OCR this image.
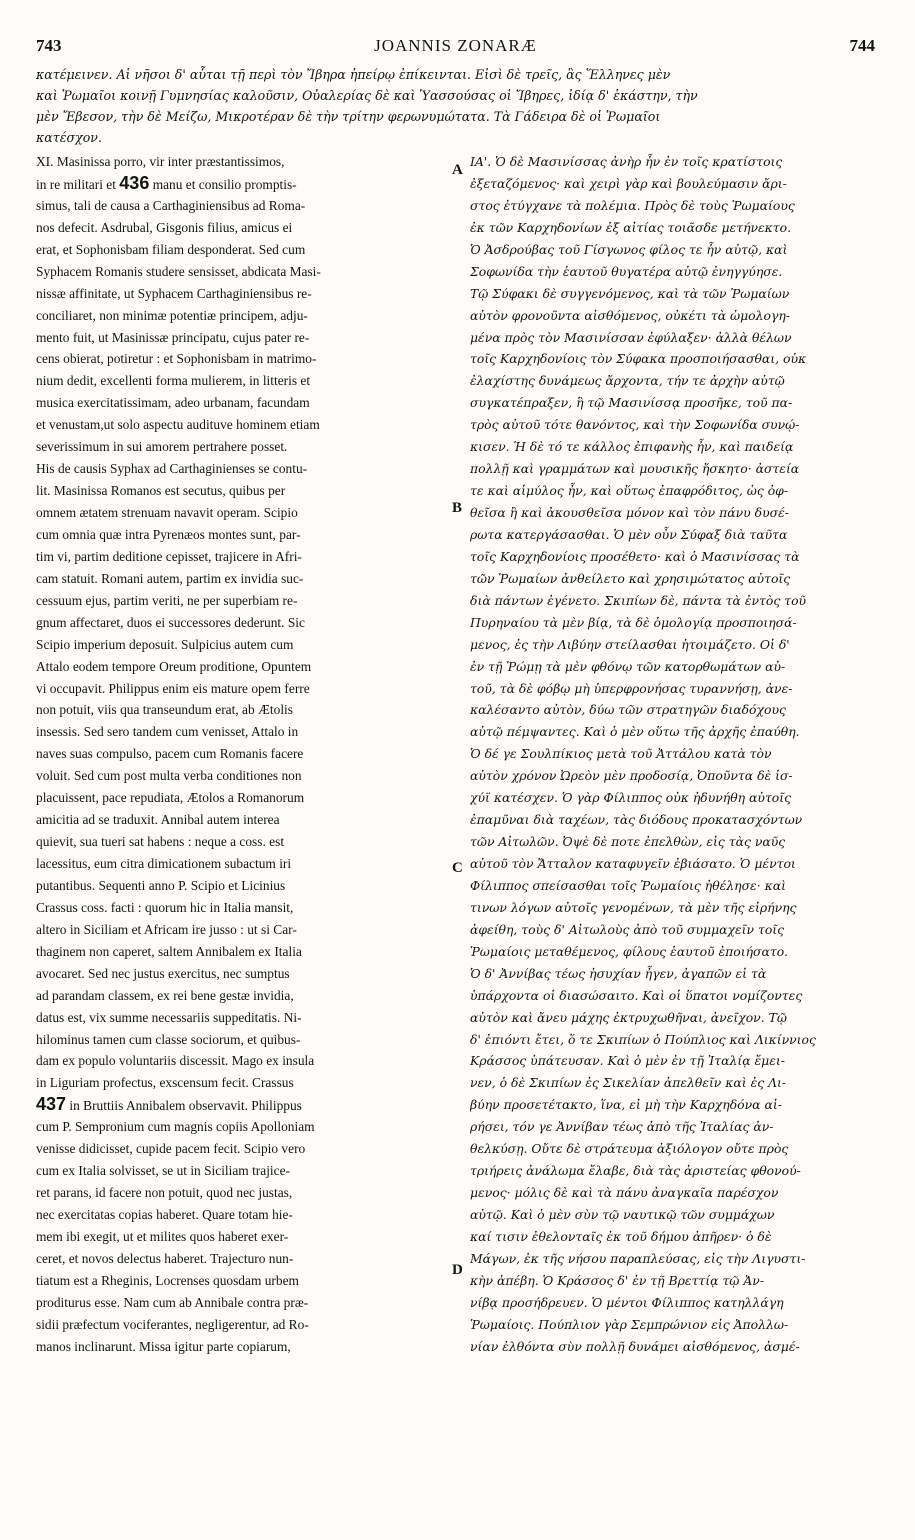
743	JOANNIS ZONARÆ	744
κατέμεινεν. Αἱ νῆσοι δ' αὗται τῇ περὶ τὸν Ἴβηρα ἠπείρῳ ἐπίκεινται. Εἰσὶ δὲ τρεῖς, ἃς Ἕλληνες μὲν
καὶ Ῥωμαῖοι κοινῇ Γυμνησίας καλοῦσιν, Οὐαλερίας δὲ καὶ Ὑασσούσας οἱ Ἴβηρες, ἰδίᾳ δ' ἑκάστην, τὴν
μὲν Ἔβεσον, τὴν δὲ Μείζω, Μικροτέραν δὲ τὴν τρίτην φερωνυμώτατα. Τὰ Γάδειρα δὲ οἱ Ῥωμαῖοι
κατέσχον.
XI. Masinissa porro, vir inter præstantissimos,
in re militari et 436 manu et consilio promptis-
simus, tali de causa a Carthaginiensibus ad Roma-
nos defecit. Asdrubal, Gisgonis filius, amicus ei
erat, et Sophonisbam filiam desponderat. Sed cum
Syphacem Romanis studere sensisset, abdicata Masi-
nissæ affinitate, ut Syphacem Carthaginiensibus re-
conciliaret, non minimæ potentiæ principem, adju-
mento fuit, ut Masinissæ principatu, cujus pater re-
cens obierat, potiretur : et Sophonisbam in matrimo-
nium dedit, excellenti forma mulierem, in litteris et
musica exercitatissimam, adeo urbanam, facundam
et venustam,ut solo aspectu audituve hominem etiam
severissimum in sui amorem pertrahere posset.
His de causis Syphax ad Carthaginienses se contu-
lit. Masinissa Romanos est secutus, quibus per
omnem ætatem strenuam navavit operam. Scipio
cum omnia quæ intra Pyrenæos montes sunt, par-
tim vi, partim deditione cepisset, trajicere in Afri-
cam statuit. Romani autem, partim ex invidia suc-
cessuum ejus, partim veriti, ne per superbiam re-
gnum affectaret, duos ei successores dederunt. Sic
Scipio imperium deposuit. Sulpicius autem cum
Attalo eodem tempore Oreum proditione, Opuntem
vi occupavit. Philippus enim eis mature opem ferre
non potuit, viis qua transeundum erat, ab Ætolis
insessis. Sed sero tandem cum venisset, Attalo in
naves suas compulso, pacem cum Romanis facere
voluit. Sed cum post multa verba conditiones non
placuissent, pace repudiata, Ætolos a Romanorum
amicitia ad se traduxit. Annibal autem interea
quievit, sua tueri sat habens : neque a coss. est
lacessitus, eum citra dimicationem subactum iri
putantibus. Sequenti anno P. Scipio et Licinius
Crassus coss. facti : quorum hic in Italia mansit,
altero in Siciliam et Africam ire jusso : ut si Car-
thaginem non caperet, saltem Annibalem ex Italia
avocaret. Sed nec justus exercitus, nec sumptus
ad parandam classem, ex rei bene gestæ invidia,
datus est, vix summe necessariis suppeditatis. Ni-
hilominus tamen cum classe sociorum, et quibus-
dam ex populo voluntariis discessit. Mago ex insula
in Liguriam profectus, exscensum fecit. Crassus
437 in Bruttiis Annibalem observavit. Philippus
cum P. Sempronium cum magnis copiis Apolloniam
venisse didicisset, cupide pacem fecit. Scipio vero
cum ex Italia solvisset, se ut in Siciliam trajice-
ret parans, id facere non potuit, quod nec justas,
nec exercitatas copias haberet. Quare totam hie-
mem ibi exegit, ut et milites quos haberet exer-
ceret, et novos delectus haberet. Trajecturo nun-
tiatum est a Rheginis, Locrenses quosdam urbem
proditurus esse. Nam cum ab Annibale contra præ-
sidii præfectum vociferantes, negligerentur, ad Ro-
manos inclinarunt. Missa igitur parte copiarum,
ΙΑ'. Ὁ δὲ Μασινίσσας ἀνὴρ ἦν ἐν τοῖς κρατίστοις
ἐξεταζόμενος· καὶ χειρὶ γὰρ καὶ βουλεύμασιν ἄρι-
στος ἐτύγχανε τὰ πολέμια. Πρὸς δὲ τοὺς Ῥωμαίους
ἐκ τῶν Καρχηδονίων ἐξ αἰτίας τοιᾶσδε μετήνεκτο.
Ὁ Ἀσδρούβας τοῦ Γίσγωνος φίλος τε ἦν αὐτῷ, καὶ
Σοφωνίδα τὴν ἑαυτοῦ θυγατέρα αὐτῷ ἐνηγγύησε.
Τῷ Σύφακι δὲ συγγενόμενος, καὶ τὰ τῶν Ῥωμαίων
αὐτὸν φρονοῦντα αἰσθόμενος, οὐκέτι τὰ ὡμολογη-
μένα πρὸς τὸν Μασινίσσαν ἐφύλαξεν· ἀλλὰ θέλων
τοῖς Καρχηδονίοις τὸν Σύφακα προσποιήσασθαι, οὐκ
ἐλαχίστης δυνάμεως ἄρχοντα, τήν τε ἀρχὴν αὐτῷ
συγκατέπραξεν, ἣ τῷ Μασινίσσᾳ προσῆκε, τοῦ πα-
τρὸς αὐτοῦ τότε θανόντος, καὶ τὴν Σοφωνίδα συνῴ-
κισεν. Ἡ δὲ τό τε κάλλος ἐπιφανὴς ἦν, καὶ παιδείᾳ
πολλῇ καὶ γραμμάτων καὶ μουσικῆς ἤσκητο· ἀστεία
τε καὶ αἱμύλος ἦν, καὶ οὕτως ἐπαφρόδιτος, ὡς ὀφ-
θεῖσα ἢ καὶ ἀκουσθεῖσα μόνον καὶ τὸν πάνυ δυσέ-
ρωτα κατεργάσασθαι. Ὁ μὲν οὖν Σύφαξ διὰ ταῦτα
τοῖς Καρχηδονίοις προσέθετο· καὶ ὁ Μασινίσσας τὰ
τῶν Ῥωμαίων ἀνθείλετο καὶ χρησιμώτατος αὐτοῖς
διὰ πάντων ἐγένετο. Σκιπίων δὲ, πάντα τὰ ἐντὸς τοῦ
Πυρηναίου τὰ μὲν βίᾳ, τὰ δὲ ὁμολογίᾳ προσποιησά-
μενος, ἐς τὴν Λιβύην στείλασθαι ἡτοιμάζετο. Οἱ δ'
ἐν τῇ Ῥώμῃ τὰ μὲν φθόνῳ τῶν κατορθωμάτων αὐ-
τοῦ, τὰ δὲ φόβῳ μὴ ὑπερφρονήσας τυραννήσῃ, ἀνε-
καλέσαντο αὐτὸν, δύω τῶν στρατηγῶν διαδόχους
αὐτῷ πέμψαντες. Καὶ ὁ μὲν οὕτω τῆς ἀρχῆς ἐπαύθη.
Ὁ δέ γε Σουλπίκιος μετὰ τοῦ Ἀττάλου κατὰ τὸν
αὐτὸν χρόνον Ὠρεὸν μὲν προδοσίᾳ, Ὀποῦντα δὲ ἰσ-
χύϊ κατέσχεν. Ὁ γὰρ Φίλιππος οὐκ ἠδυνήθη αὐτοῖς
ἐπαμῦναι διὰ ταχέων, τὰς διόδους προκατασχόντων
τῶν Αἰτωλῶν. Ὀψὲ δὲ ποτε ἐπελθὼν, εἰς τὰς ναῦς
αὐτοῦ τὸν Ἄτταλον καταφυγεῖν ἐβιάσατο. Ὁ μέντοι
Φίλιππος σπείσασθαι τοῖς Ῥωμαίοις ἠθέλησε· καὶ
τινων λόγων αὐτοῖς γενομένων, τὰ μὲν τῆς εἰρήνης
ἀφείθη, τοὺς δ' Αἰτωλοὺς ἀπὸ τοῦ συμμαχεῖν τοῖς
Ῥωμαίοις μεταθέμενος, φίλους ἑαυτοῦ ἐποιήσατο.
Ὁ δ' Ἀννίβας τέως ἡσυχίαν ἦγεν, ἀγαπῶν εἰ τὰ
ὑπάρχοντα οἱ διασώσαιτο. Καὶ οἱ ὕπατοι νομίζοντες
αὐτὸν καὶ ἄνευ μάχης ἐκτρυχωθῆναι, ἀνεῖχον. Τῷ
δ' ἐπιόντι ἔτει, ὅ τε Σκιπίων ὁ Πούπλιος καὶ Λικίννιος
Κράσσος ὑπάτευσαν. Καὶ ὁ μὲν ἐν τῇ Ἰταλίᾳ ἔμει-
νεν, ὁ δὲ Σκιπίων ἐς Σικελίαν ἀπελθεῖν καὶ ἐς Λι-
βύην προσετέτακτο, ἵνα, εἰ μὴ τὴν Καρχηδόνα αἱ-
ρήσει, τόν γε Ἀννίβαν τέως ἀπὸ τῆς Ἰταλίας ἀν-
θελκύσῃ. Οὔτε δὲ στράτευμα ἀξιόλογον οὔτε πρὸς
τριήρεις ἀνάλωμα ἔλαβε, διὰ τὰς ἀριστείας φθονού-
μενος· μόλις δὲ καὶ τὰ πάνυ ἀναγκαῖα παρέσχον
αὐτῷ. Καὶ ὁ μὲν σὺν τῷ ναυτικῷ τῶν συμμάχων
καί τισιν ἐθελονταῖς ἐκ τοῦ δήμου ἀπῆρεν· ὁ δὲ
Μάγων, ἐκ τῆς νήσου παραπλεύσας, εἰς τὴν Λιγυστι-
κὴν ἀπέβη. Ὁ Κράσσος δ' ἐν τῇ Βρεττίᾳ τῷ Ἀν-
νίβᾳ προσήδρευεν. Ὁ μέντοι Φίλιππος κατηλλάγη
Ῥωμαίοις. Πούπλιον γὰρ Σεμπρώνιον εἰς Ἀπολλω-
νίαν ἐλθόντα σὺν πολλῇ δυνάμει αἰσθόμενος, ἀσμέ-
A
B
C
D
